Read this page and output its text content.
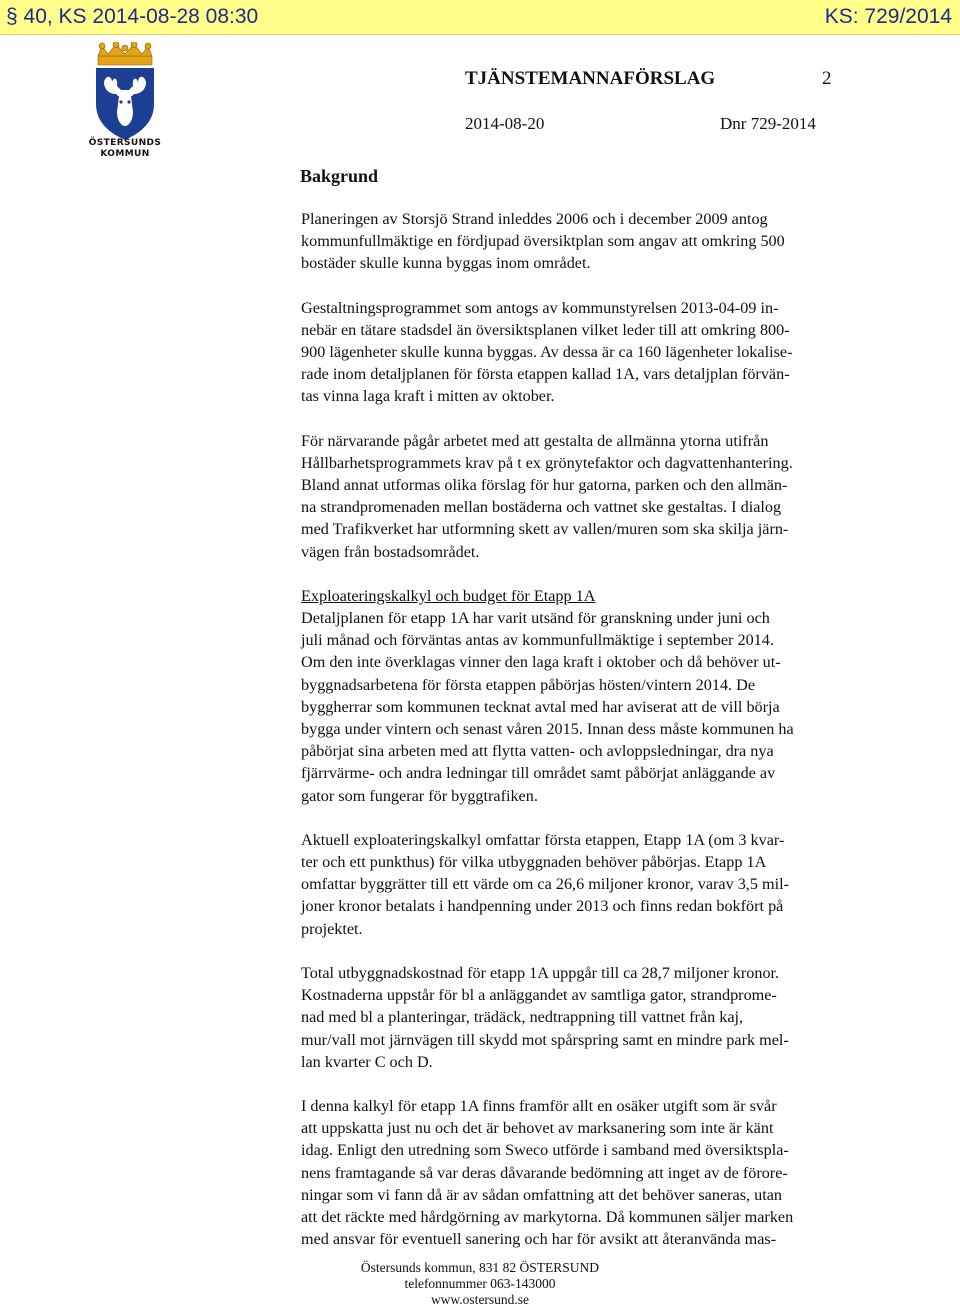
§ 40, KS 2014-08-28 08:30	KS: 729/2014
ÖSTERSUNDS
KOMMUN
TJÄNSTEMANNAFÖRSLAG	2
2014-08-20	Dnr 729-2014
Bakgrund

Planeringen av Storsjö Strand inleddes 2006 och i december 2009 antog
kommunfullmäktige en fördjupad översiktplan som angav att omkring 500
bostäder skulle kunna byggas inom området.

Gestaltningsprogrammet som antogs av kommunstyrelsen 2013-04-09 in-
nebär en tätare stadsdel än översiktsplanen vilket leder till att omkring 800-
900 lägenheter skulle kunna byggas. Av dessa är ca 160 lägenheter lokalise-
rade inom detaljplanen för första etappen kallad 1A, vars detaljplan förvän-
tas vinna laga kraft i mitten av oktober.

För närvarande pågår arbetet med att gestalta de allmänna ytorna utifrån
Hållbarhetsprogrammets krav på t ex grönytefaktor och dagvattenhantering.
Bland annat utformas olika förslag för hur gatorna, parken och den allmän-
na strandpromenaden mellan bostäderna och vattnet ske gestaltas. I dialog
med Trafikverket har utformning skett av vallen/muren som ska skilja järn-
vägen från bostadsområdet.

Exploateringskalkyl och budget för Etapp 1A
Detaljplanen för etapp 1A har varit utsänd för granskning under juni och
juli månad och förväntas antas av kommunfullmäktige i september 2014.
Om den inte överklagas vinner den laga kraft i oktober och då behöver ut-
byggnadsarbetena för första etappen påbörjas hösten/vintern 2014. De
byggherrar som kommunen tecknat avtal med har aviserat att de vill börja
bygga under vintern och senast våren 2015. Innan dess måste kommunen ha
påbörjat sina arbeten med att flytta vatten- och avloppsledningar, dra nya
fjärrvärme- och andra ledningar till området samt påbörjat anläggande av
gator som fungerar för byggtrafiken.

Aktuell exploateringskalkyl omfattar första etappen, Etapp 1A (om 3 kvar-
ter och ett punkthus) för vilka utbyggnaden behöver påbörjas. Etapp 1A
omfattar byggrätter till ett värde om ca 26,6 miljoner kronor, varav 3,5 mil-
joner kronor betalats i handpenning under 2013 och finns redan bokfört på
projektet.

Total utbyggnadskostnad för etapp 1A uppgår till ca 28,7 miljoner kronor.
Kostnaderna uppstår för bl a anläggandet av samtliga gator, strandprome-
nad med bl a planteringar, trädäck, nedtrappning till vattnet från kaj,
mur/vall mot järnvägen till skydd mot spårspring samt en mindre park mel-
lan kvarter C och D.

I denna kalkyl för etapp 1A finns framför allt en osäker utgift som är svår
att uppskatta just nu och det är behovet av marksanering som inte är känt
idag. Enligt den utredning som Sweco utförde i samband med översiktspla-
nens framtagande så var deras dåvarande bedömning att inget av de förore-
ningar som vi fann då är av sådan omfattning att det behöver saneras, utan
att det räckte med hårdgörning av markytorna. Då kommunen säljer marken
med ansvar för eventuell sanering och har för avsikt att återanvända mas-

Östersunds kommun, 831 82 ÖSTERSUND
telefonnummer 063-143000
www.ostersund.se
